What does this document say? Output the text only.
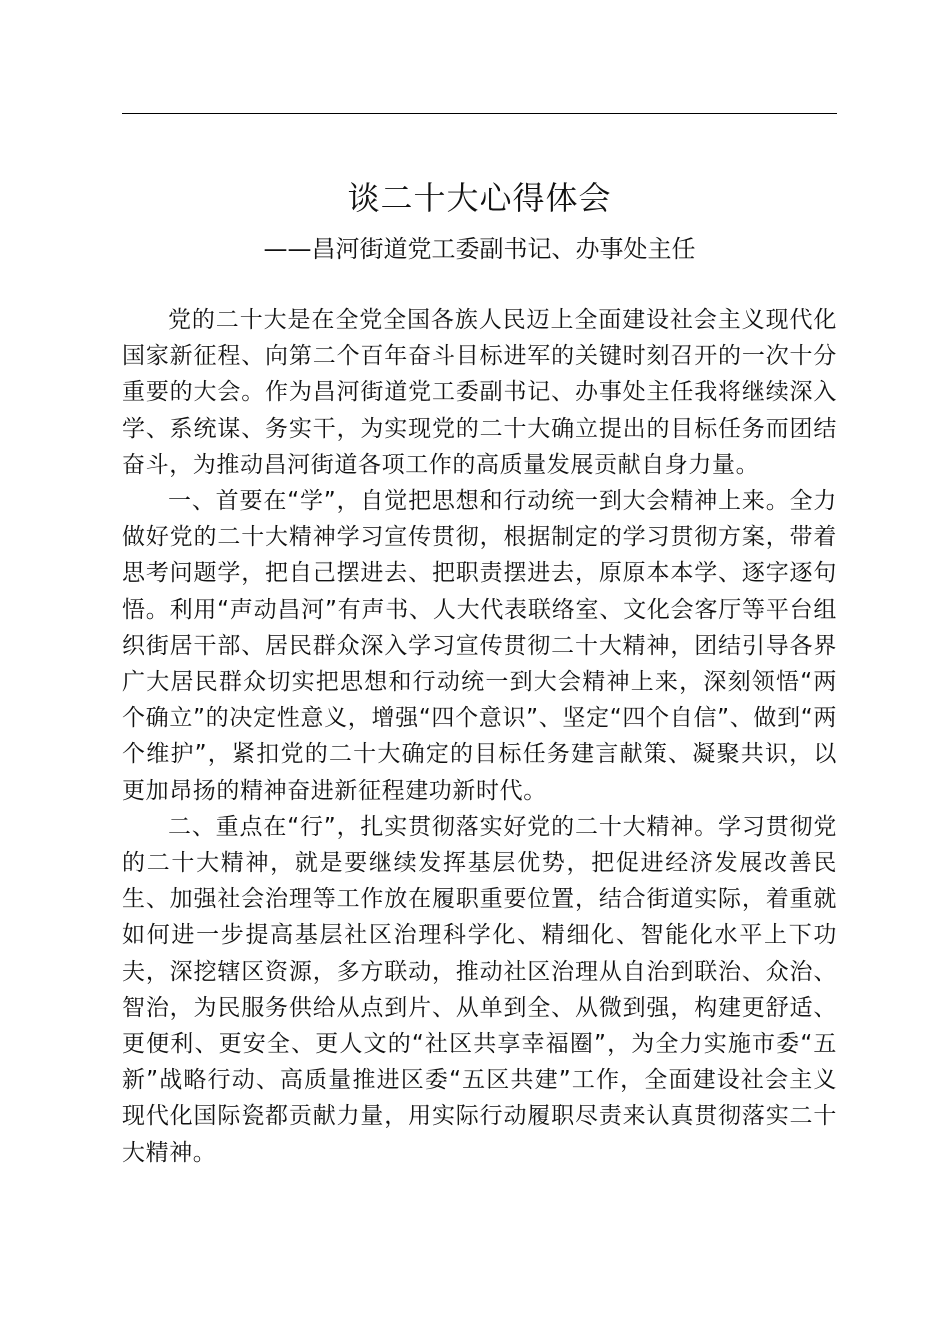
谈二十大心得体会
——昌河街道党工委副书记、办事处主任

党的二十大是在全党全国各族人民迈上全面建设社会主义现代化国家新征程、向第二个百年奋斗目标进军的关键时刻召开的一次十分重要的大会。作为昌河街道党工委副书记、办事处主任我将继续深入学、系统谋、务实干，为实现党的二十大确立提出的目标任务而团结奋斗，为推动昌河街道各项工作的高质量发展贡献自身力量。

一、首要在“学”，自觉把思想和行动统一到大会精神上来。全力做好党的二十大精神学习宣传贯彻，根据制定的学习贯彻方案，带着思考问题学，把自己摆进去、把职责摆进去，原原本本学、逐字逐句悟。利用“声动昌河”有声书、人大代表联络室、文化会客厅等平台组织街居干部、居民群众深入学习宣传贯彻二十大精神，团结引导各界广大居民群众切实把思想和行动统一到大会精神上来，深刻领悟“两个确立”的决定性意义，增强“四个意识”、坚定“四个自信”、做到“两个维护”，紧扣党的二十大确定的目标任务建言献策、凝聚共识，以更加昂扬的精神奋进新征程建功新时代。

二、重点在“行”，扎实贯彻落实好党的二十大精神。学习贯彻党的二十大精神，就是要继续发挥基层优势，把促进经济发展改善民生、加强社会治理等工作放在履职重要位置，结合街道实际，着重就如何进一步提高基层社区治理科学化、精细化、智能化水平上下功夫，深挖辖区资源，多方联动，推动社区治理从自治到联治、众治、智治，为民服务供给从点到片、从单到全、从微到强，构建更舒适、更便利、更安全、更人文的“社区共享幸福圈”，为全力实施市委“五新”战略行动、高质量推进区委“五区共建”工作，全面建设社会主义现代化国际瓷都贡献力量，用实际行动履职尽责来认真贯彻落实二十大精神。
